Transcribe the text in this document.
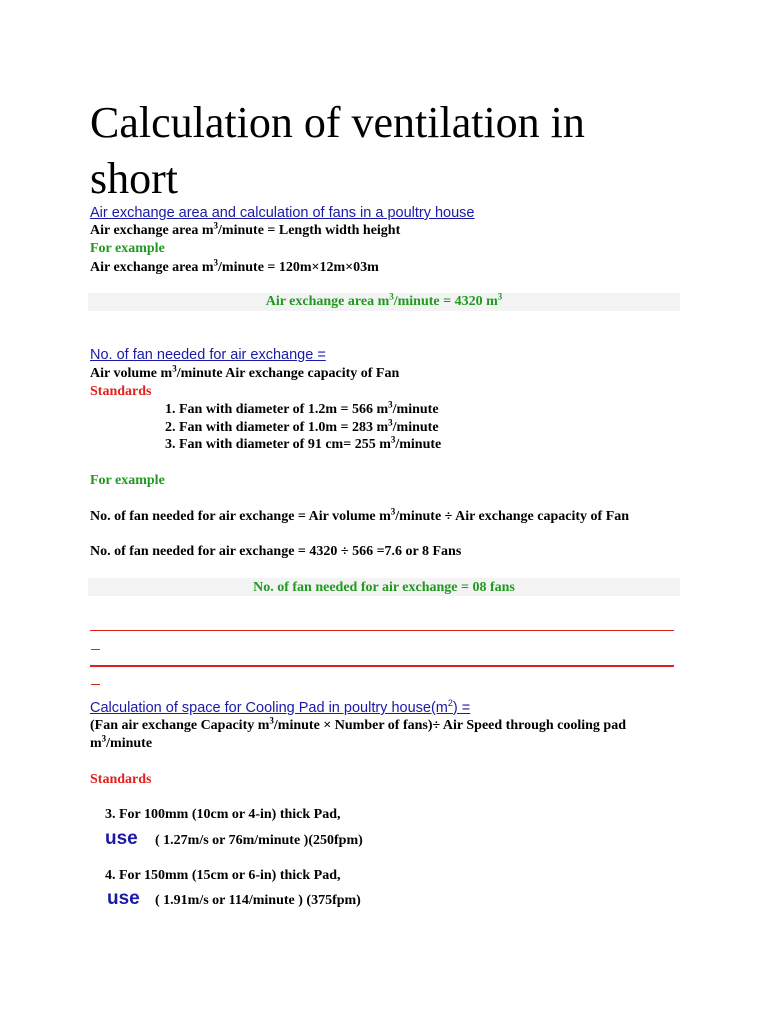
Calculation of ventilation in
short
Air exchange area and calculation of fans in a poultry house
Air exchange area $m^3$/minute = Length width height
For example
Air exchange area $m^3$/minute = 120m×12m×03m
Air exchange area $m^3$/minute = 4320 $m^3$
No. of fan needed for air exchange =
Air volume $m^3$/minute Air exchange capacity of Fan
Standards
1. Fan with diameter of 1.2m = 566 $m^3$/minute
2. Fan with diameter of 1.0m = 283 $m^3$/minute
3. Fan with diameter of 91 cm= 255 $m^3$/minute
For example
No. of fan needed for air exchange = Air volume $m^3$/minute ÷ Air exchange capacity of Fan
No. of fan needed for air exchange = 4320 ÷ 566 =7.6 or 8 Fans
No. of fan needed for air exchange = 08 fans
Calculation of space for Cooling Pad in poultry $house(m^2)$ =
(Fan air exchange Capacity $m^3$/minute × Number of fans)÷ Air Speed through cooling pad
$m^3$/minute
Standards
3. For 100mm (10cm or 4-in) thick Pad,
use ( 1.27m/s or 76m/minute )(250fpm)
4. For 150mm (15cm or 6-in) thick Pad,
use ( 1.91m/s or 114/minute ) (375fpm)
